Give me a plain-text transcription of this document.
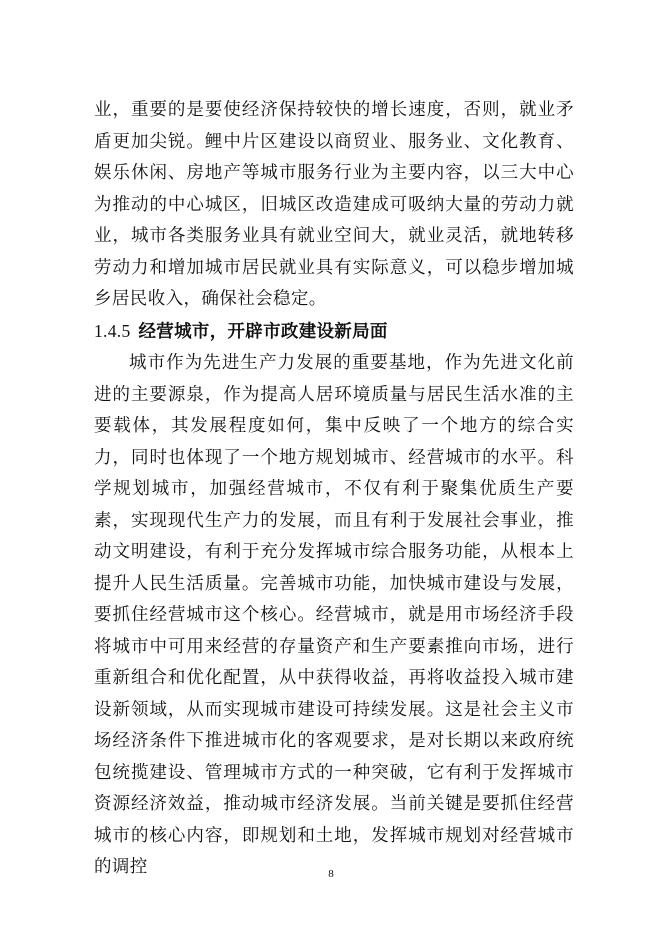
业，重要的是要使经济保持较快的增长速度，否则，就业矛盾更加尖锐。鲤中片区建设以商贸业、服务业、文化教育、娱乐休闲、房地产等城市服务行业为主要内容，以三大中心为推动的中心城区，旧城区改造建成可吸纳大量的劳动力就业，城市各类服务业具有就业空间大，就业灵活，就地转移劳动力和增加城市居民就业具有实际意义，可以稳步增加城乡居民收入，确保社会稳定。

1.4.5 经营城市，开辟市政建设新局面

城市作为先进生产力发展的重要基地，作为先进文化前进的主要源泉，作为提高人居环境质量与居民生活水准的主要载体，其发展程度如何，集中反映了一个地方的综合实力，同时也体现了一个地方规划城市、经营城市的水平。科学规划城市，加强经营城市，不仅有利于聚集优质生产要素，实现现代生产力的发展，而且有利于发展社会事业，推动文明建设，有利于充分发挥城市综合服务功能，从根本上提升人民生活质量。完善城市功能，加快城市建设与发展，要抓住经营城市这个核心。经营城市，就是用市场经济手段将城市中可用来经营的存量资产和生产要素推向市场，进行重新组合和优化配置，从中获得收益，再将收益投入城市建设新领域，从而实现城市建设可持续发展。这是社会主义市场经济条件下推进城市化的客观要求，是对长期以来政府统包统揽建设、管理城市方式的一种突破，它有利于发挥城市资源经济效益，推动城市经济发展。当前关键是要抓住经营城市的核心内容，即规划和土地，发挥城市规划对经营城市的调控	8
